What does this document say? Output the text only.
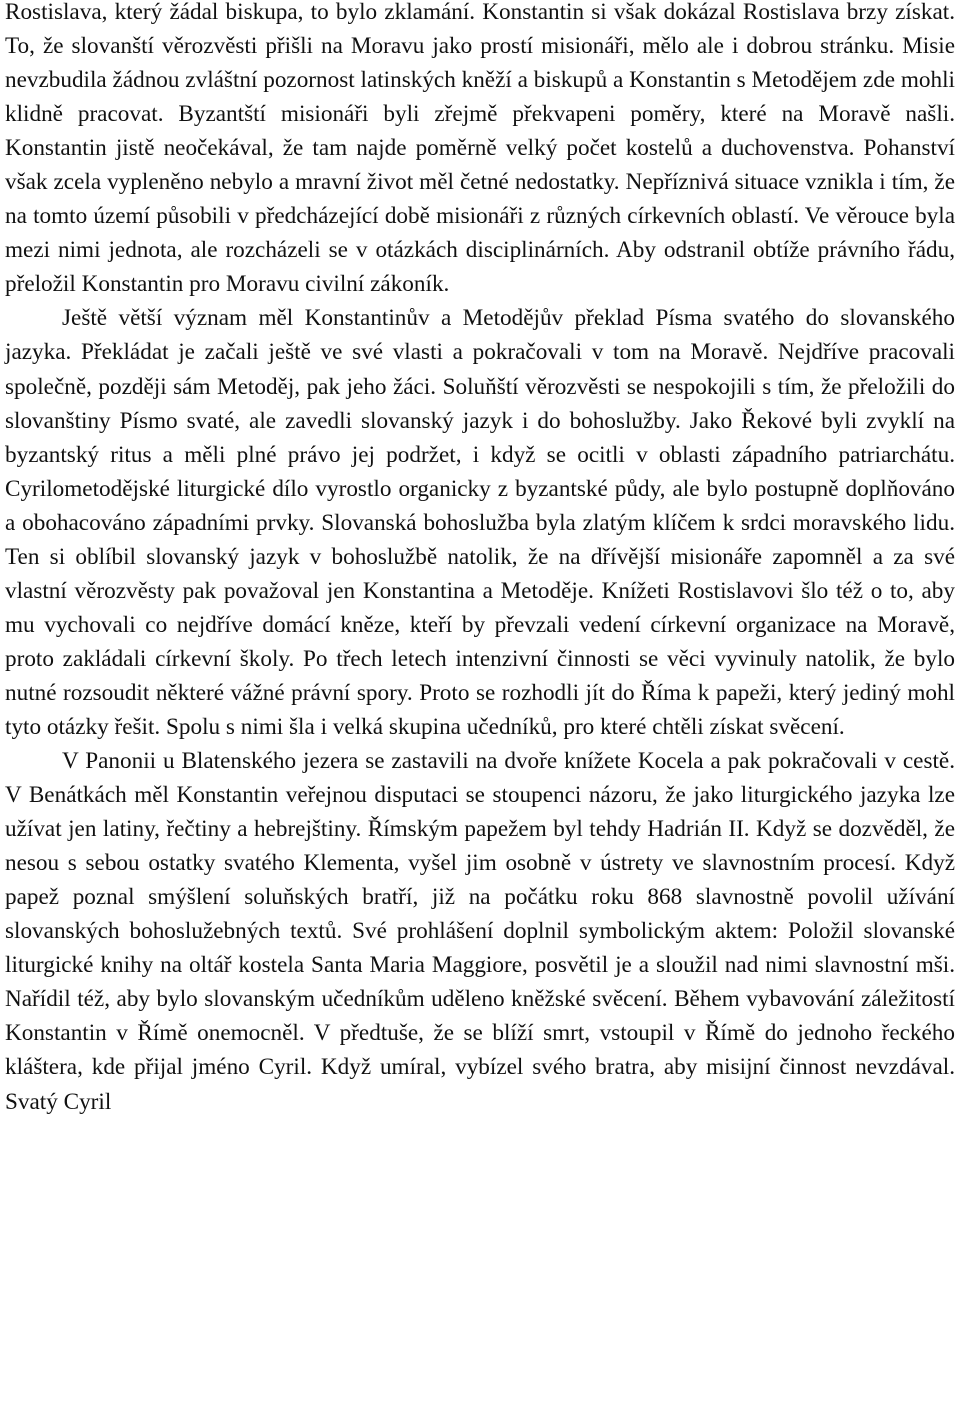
Rostislava, který žádal biskupa, to bylo zklamání. Konstantin si však dokázal Rostislava brzy získat. To, že slovanští věrozvěsti přišli na Moravu jako prostí misionáři, mělo ale i dobrou stránku. Misie nevzbudila žádnou zvláštní pozornost latinských kněží a biskupů a Konstantin s Metodějem zde mohli klidně pracovat. Byzantští misionáři byli zřejmě překvapeni poměry, které na Moravě našli. Konstantin jistě neočekával, že tam najde poměrně velký počet kostelů a duchovenstva. Pohanství však zcela vypleněno nebylo a mravní život měl četné nedostatky. Nepříznivá situace vznikla i tím, že na tomto území působili v předcházející době misionáři z různých církevních oblastí. Ve věrouce byla mezi nimi jednota, ale rozcházeli se v otázkách disciplinárních. Aby odstranil obtíže právního řádu, přeložil Konstantin pro Moravu civilní zákoník.

Ještě větší význam měl Konstantinův a Metodějův překlad Písma svatého do slovanského jazyka. Překládat je začali ještě ve své vlasti a pokračovali v tom na Moravě. Nejdříve pracovali společně, později sám Metoděj, pak jeho žáci. Soluňští věrozvěsti se nespokojili s tím, že přeložili do slovanštiny Písmo svaté, ale zavedli slovanský jazyk i do bohoslužby. Jako Řekové byli zvyklí na byzantský ritus a měli plné právo jej podržet, i když se ocitli v oblasti západního patriarchátu. Cyrilometodějské liturgické dílo vyrostlo organicky z byzantské půdy, ale bylo postupně doplňováno a obohacováno západními prvky. Slovanská bohoslužba byla zlatým klíčem k srdci moravského lidu. Ten si oblíbil slovanský jazyk v bohoslužbě natolik, že na dřívější misionáře zapomněl a za své vlastní věrozvěsty pak považoval jen Konstantina a Metoděje. Knížeti Rostislavovi šlo též o to, aby mu vychovali co nejdříve domácí kněze, kteří by převzali vedení církevní organizace na Moravě, proto zakládali církevní školy. Po třech letech intenzivní činnosti se věci vyvinuly natolik, že bylo nutné rozsoudit některé vážné právní spory. Proto se rozhodli jít do Říma k papeži, který jediný mohl tyto otázky řešit. Spolu s nimi šla i velká skupina učedníků, pro které chtěli získat svěcení.

V Panonii u Blatenského jezera se zastavili na dvoře knížete Kocela a pak pokračovali v cestě. V Benátkách měl Konstantin veřejnou disputaci se stoupenci názoru, že jako liturgického jazyka lze užívat jen latiny, řečtiny a hebrejštiny. Římským papežem byl tehdy Hadrián II. Když se dozvěděl, že nesou s sebou ostatky svatého Klementa, vyšel jim osobně v ústrety ve slavnostním procesí. Když papež poznal smýšlení soluňských bratří, již na počátku roku 868 slavnostně povolil užívání slovanských bohoslužebných textů. Své prohlášení doplnil symbolickým aktem: Položil slovanské liturgické knihy na oltář kostela Santa Maria Maggiore, posvětil je a sloužil nad nimi slavnostní mši. Nařídil též, aby bylo slovanským učedníkům uděleno kněžské svěcení. Během vybavování záležitostí Konstantin v Římě onemocněl. V předtuše, že se blíží smrt, vstoupil v Římě do jednoho řeckého kláštera, kde přijal jméno Cyril. Když umíral, vybízel svého bratra, aby misijní činnost nevzdával. Svatý Cyril
